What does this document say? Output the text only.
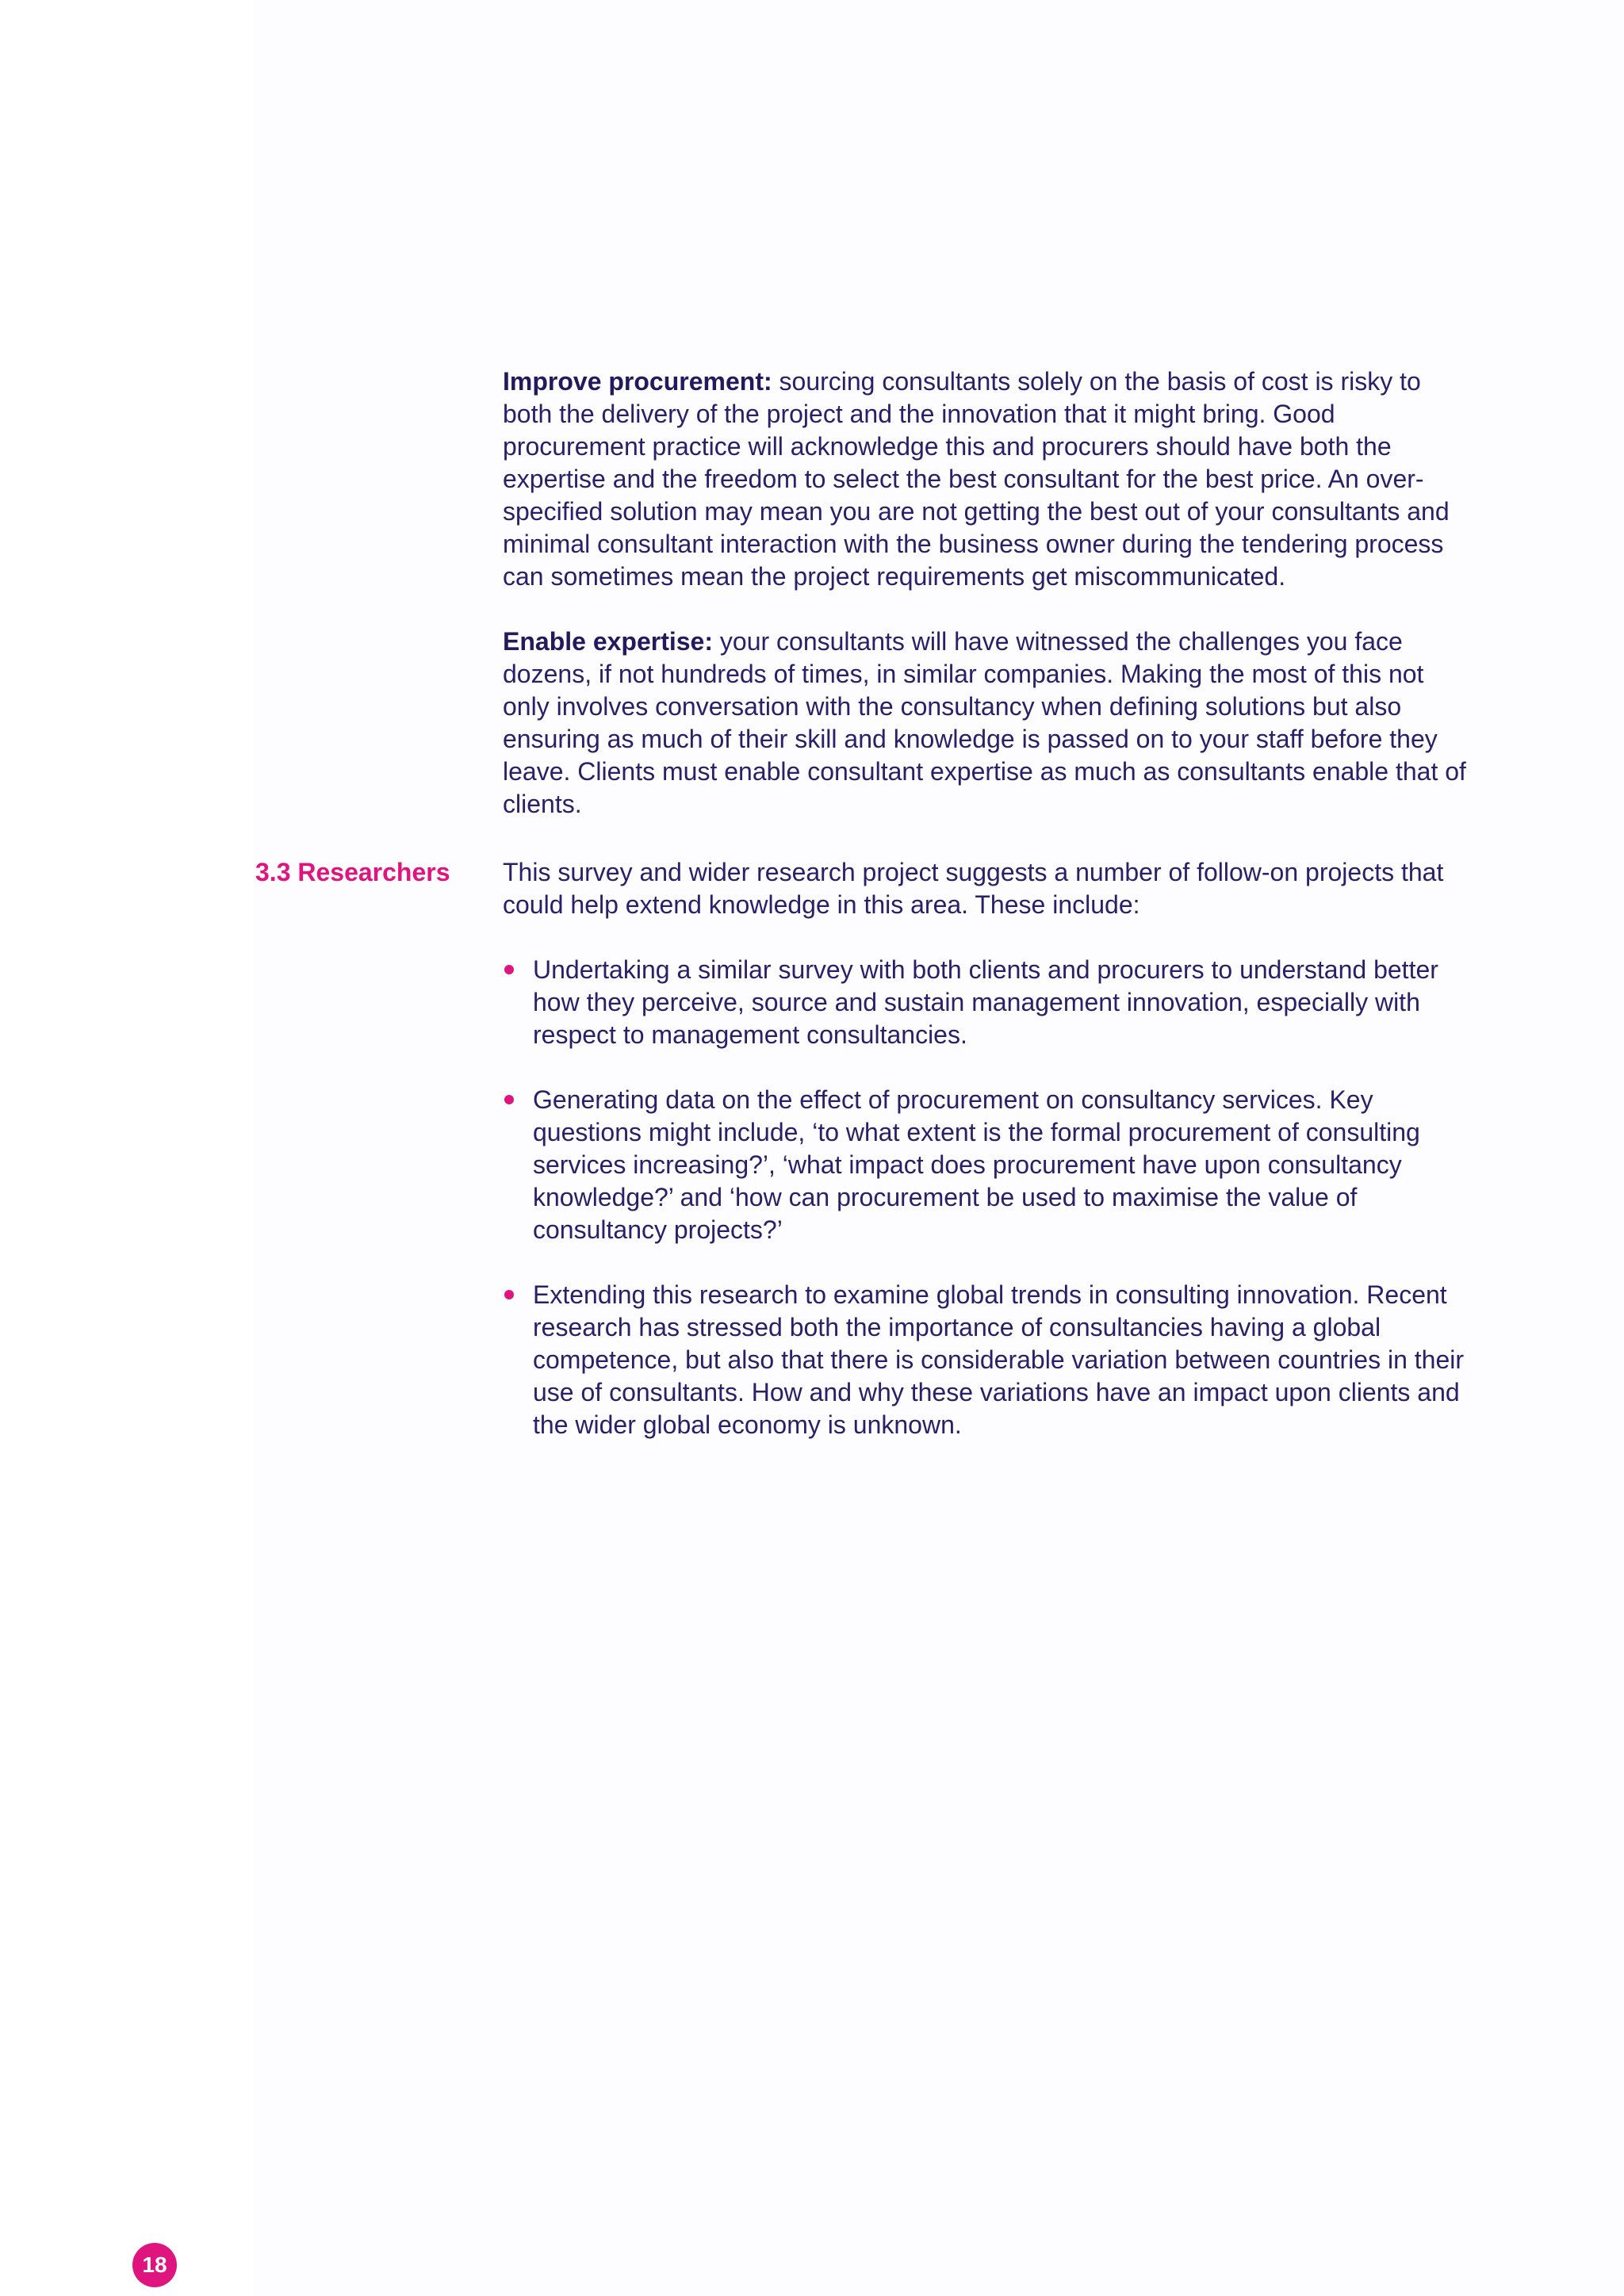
Improve procurement: sourcing consultants solely on the basis of cost is risky to both the delivery of the project and the innovation that it might bring. Good procurement practice will acknowledge this and procurers should have both the expertise and the freedom to select the best consultant for the best price. An over-specified solution may mean you are not getting the best out of your consultants and minimal consultant interaction with the business owner during the tendering process can sometimes mean the project requirements get miscommunicated.

Enable expertise: your consultants will have witnessed the challenges you face dozens, if not hundreds of times, in similar companies. Making the most of this not only involves conversation with the consultancy when defining solutions but also ensuring as much of their skill and knowledge is passed on to your staff before they leave. Clients must enable consultant expertise as much as consultants enable that of clients.

3.3 Researchers This survey and wider research project suggests a number of follow-on projects that could help extend knowledge in this area. These include:

Undertaking a similar survey with both clients and procurers to understand better how they perceive, source and sustain management innovation, especially with respect to management consultancies.
Generating data on the effect of procurement on consultancy services. Key questions might include, ‘to what extent is the formal procurement of consulting services increasing?’, ‘what impact does procurement have upon consultancy knowledge?’ and ‘how can procurement be used to maximise the value of consultancy projects?’
Extending this research to examine global trends in consulting innovation. Recent research has stressed both the importance of consultancies having a global competence, but also that there is considerable variation between countries in their use of consultants. How and why these variations have an impact upon clients and the wider global economy is unknown.
18
